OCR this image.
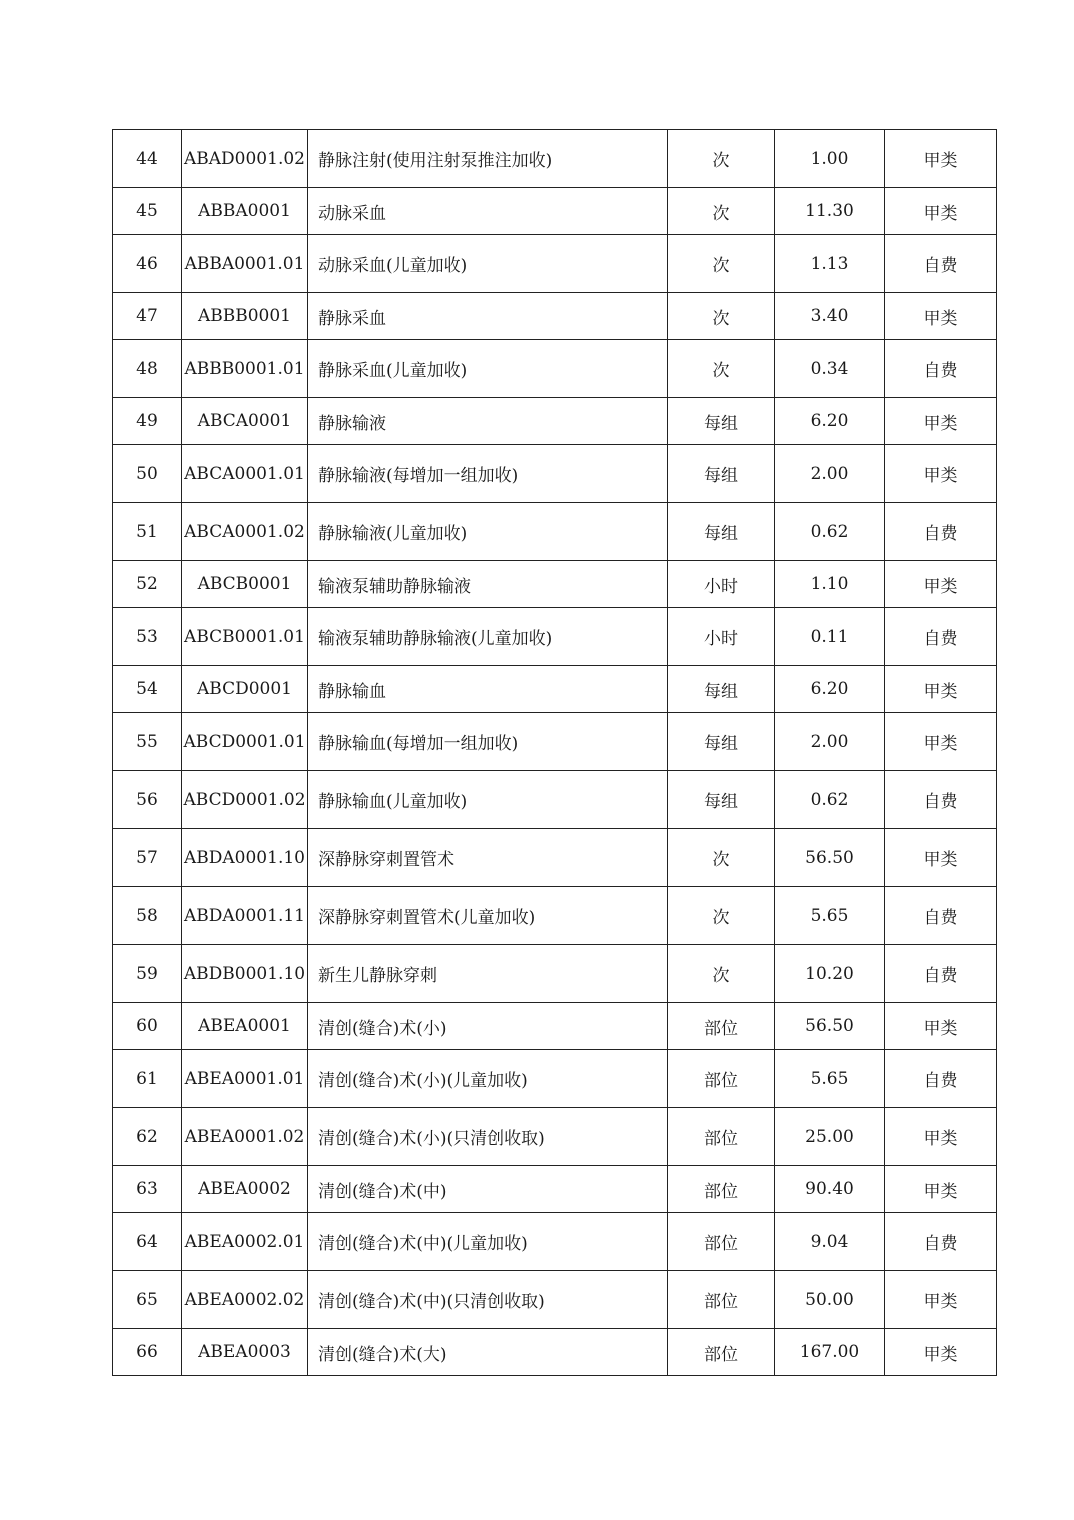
44	ABAD0001.02	静脉注射(使用注射泵推注加收)	次	1.00	甲类
45	ABBA0001	动脉采血	次	11.30	甲类
46	ABBA0001.01	动脉采血(儿童加收)	次	1.13	自费
47	ABBB0001	静脉采血	次	3.40	甲类
48	ABBB0001.01	静脉采血(儿童加收)	次	0.34	自费
49	ABCA0001	静脉输液	每组	6.20	甲类
50	ABCA0001.01	静脉输液(每增加一组加收)	每组	2.00	甲类
51	ABCA0001.02	静脉输液(儿童加收)	每组	0.62	自费
52	ABCB0001	输液泵辅助静脉输液	小时	1.10	甲类
53	ABCB0001.01	输液泵辅助静脉输液(儿童加收)	小时	0.11	自费
54	ABCD0001	静脉输血	每组	6.20	甲类
55	ABCD0001.01	静脉输血(每增加一组加收)	每组	2.00	甲类
56	ABCD0001.02	静脉输血(儿童加收)	每组	0.62	自费
57	ABDA0001.10	深静脉穿刺置管术	次	56.50	甲类
58	ABDA0001.11	深静脉穿刺置管术(儿童加收)	次	5.65	自费
59	ABDB0001.10	新生儿静脉穿刺	次	10.20	自费
60	ABEA0001	清创(缝合)术(小)	部位	56.50	甲类
61	ABEA0001.01	清创(缝合)术(小)(儿童加收)	部位	5.65	自费
62	ABEA0001.02	清创(缝合)术(小)(只清创收取)	部位	25.00	甲类
63	ABEA0002	清创(缝合)术(中)	部位	90.40	甲类
64	ABEA0002.01	清创(缝合)术(中)(儿童加收)	部位	9.04	自费
65	ABEA0002.02	清创(缝合)术(中)(只清创收取)	部位	50.00	甲类
66	ABEA0003	清创(缝合)术(大)	部位	167.00	甲类
